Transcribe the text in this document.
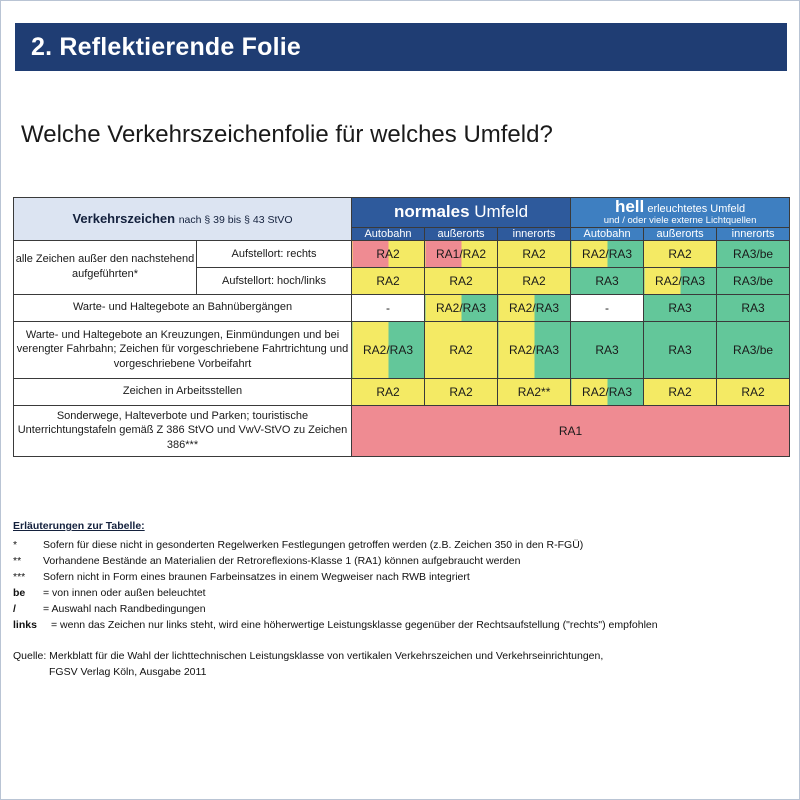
2. Reflektierende Folie
Welche Verkehrszeichenfolie für welches Umfeld?
Verkehrszeichen nach § 39 bis § 43 StVO		normales Umfeld			hell erleuchtetes Umfeld
und / oder viele externe Lichtquellen		

		Autobahn	außerorts	innerorts	Autobahn	außerorts	innerorts
alle Zeichen außer den nachstehend aufgeführten*	Aufstellort: rechts	RA2	RA1/RA2	RA2	RA2/RA3	RA2	RA3/be
	Aufstellort: hoch/links	RA2	RA2	RA2	RA3	RA2/RA3	RA3/be
Warte- und Haltegebote an Bahnübergängen		-	RA2/RA3	RA2/RA3	-	RA3	RA3
Warte- und Haltegebote an Kreuzungen, Einmündungen und bei verengter Fahrbahn; Zeichen für vorgeschriebene Fahrtrichtung und vorgeschriebene Vorbeifahrt		RA2/RA3	RA2	RA2/RA3	RA3	RA3	RA3/be
Zeichen in Arbeitsstellen		RA2	RA2	RA2**	RA2/RA3	RA2	RA2
Sonderwege, Halteverbote und Parken; touristische Unterrichtungstafeln gemäß Z 386 StVO und VwV-StVO zu Zeichen 386***		RA1					
Erläuterungen zur Tabelle:
*	Sofern für diese nicht in gesonderten Regelwerken Festlegungen getroffen werden (z.B. Zeichen 350 in den R-FGÜ)
**	Vorhandene Bestände an Materialien der Retroreflexions-Klasse 1 (RA1) können aufgebraucht werden
***	Sofern nicht in Form eines braunen Farbeinsatzes in einem Wegweiser nach RWB integriert
be	= von innen oder außen beleuchtet
/	= Auswahl nach Randbedingungen
links	= wenn das Zeichen nur links steht, wird eine höherwertige Leistungsklasse gegenüber der Rechtsaufstellung ("rechts") empfohlen
Quelle: Merkblatt für die Wahl der lichttechnischen Leistungsklasse von vertikalen Verkehrszeichen und Verkehrseinrichtungen,
FGSV Verlag Köln, Ausgabe 2011
